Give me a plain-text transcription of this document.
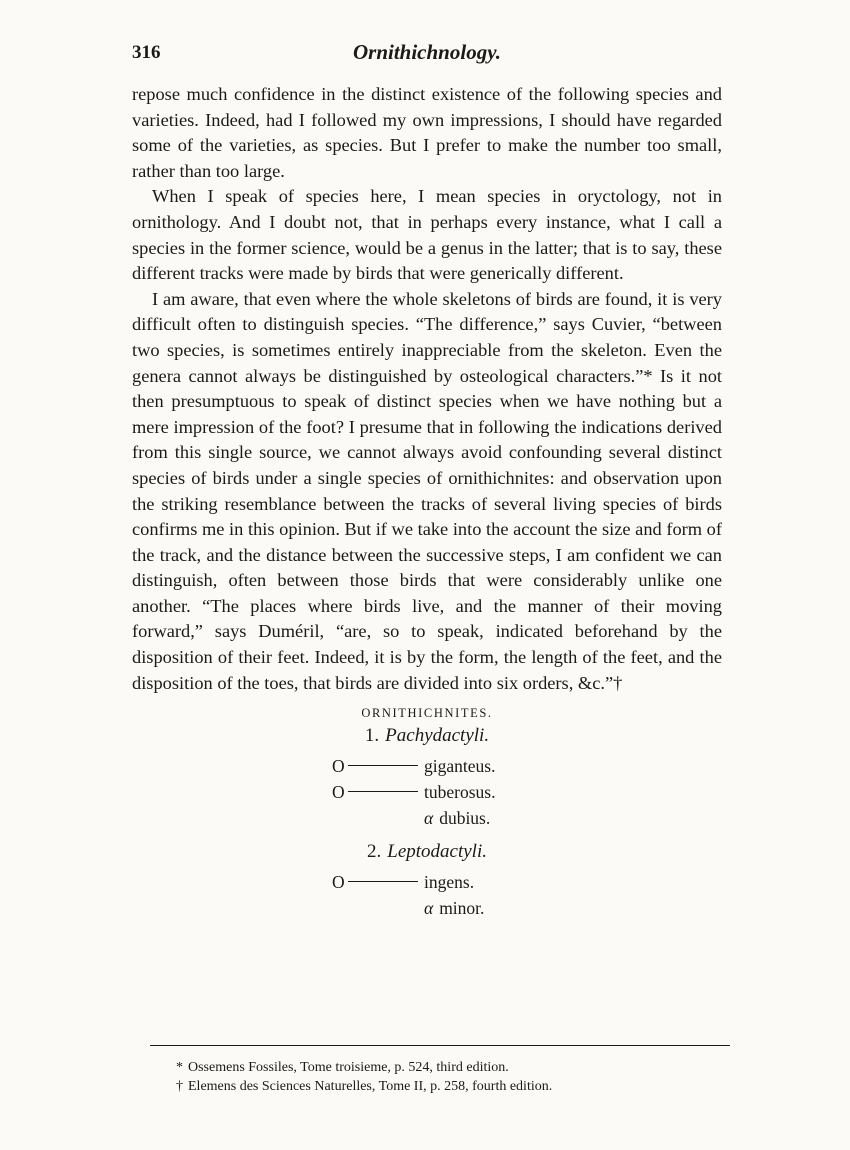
316	Ornithichnology.

repose much confidence in the distinct existence of the following species and varieties. Indeed, had I followed my own impressions, I should have regarded some of the varieties, as species. But I prefer to make the number too small, rather than too large.

When I speak of species here, I mean species in oryctology, not in ornithology. And I doubt not, that in perhaps every instance, what I call a species in the former science, would be a genus in the latter; that is to say, these different tracks were made by birds that were generically different.

I am aware, that even where the whole skeletons of birds are found, it is very difficult often to distinguish species. “The difference,” says Cuvier, “between two species, is sometimes entirely inappreciable from the skeleton. Even the genera cannot always be distinguished by osteological characters.”* Is it not then presumptuous to speak of distinct species when we have nothing but a mere impression of the foot? I presume that in following the indications derived from this single source, we cannot always avoid confounding several distinct species of birds under a single species of ornithichnites: and observation upon the striking resemblance between the tracks of several living species of birds confirms me in this opinion. But if we take into the account the size and form of the track, and the distance between the successive steps, I am confident we can distinguish, often between those birds that were considerably unlike one another. “The places where birds live, and the manner of their moving forward,” says Duméril, “are, so to speak, indicated beforehand by the disposition of their feet. Indeed, it is by the form, the length of the feet, and the disposition of the toes, that birds are divided into six orders, &c.”†

ORNITHICHNITES.
1. Pachydactyli.
O	giganteus.
O	tuberosus.
α dubius.
2. Leptodactyli.
O	ingens.
α minor.
* Ossemens Fossiles, Tome troisieme, p. 524, third edition.
† Elemens des Sciences Naturelles, Tome II, p. 258, fourth edition.
